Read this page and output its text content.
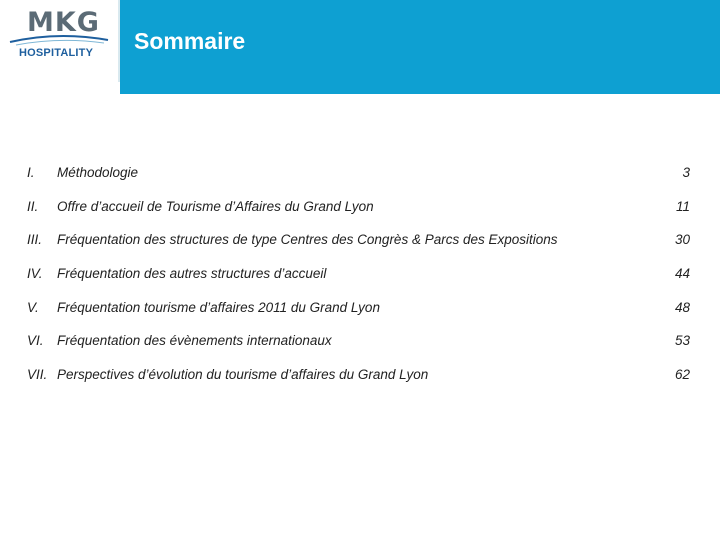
MKG
HOSPITALITY Sommaire
I. Méthodologie	3
II. Offre d’accueil de Tourisme d’Affaires du Grand Lyon	11
III. Fréquentation des structures de type Centres des Congrès & Parcs des Expositions	30
IV. Fréquentation des autres structures d’accueil	44
V. Fréquentation tourisme d’affaires 2011 du Grand Lyon	48
VI. Fréquentation des évènements internationaux	53
VII. Perspectives d’évolution du tourisme d’affaires du Grand Lyon	62
